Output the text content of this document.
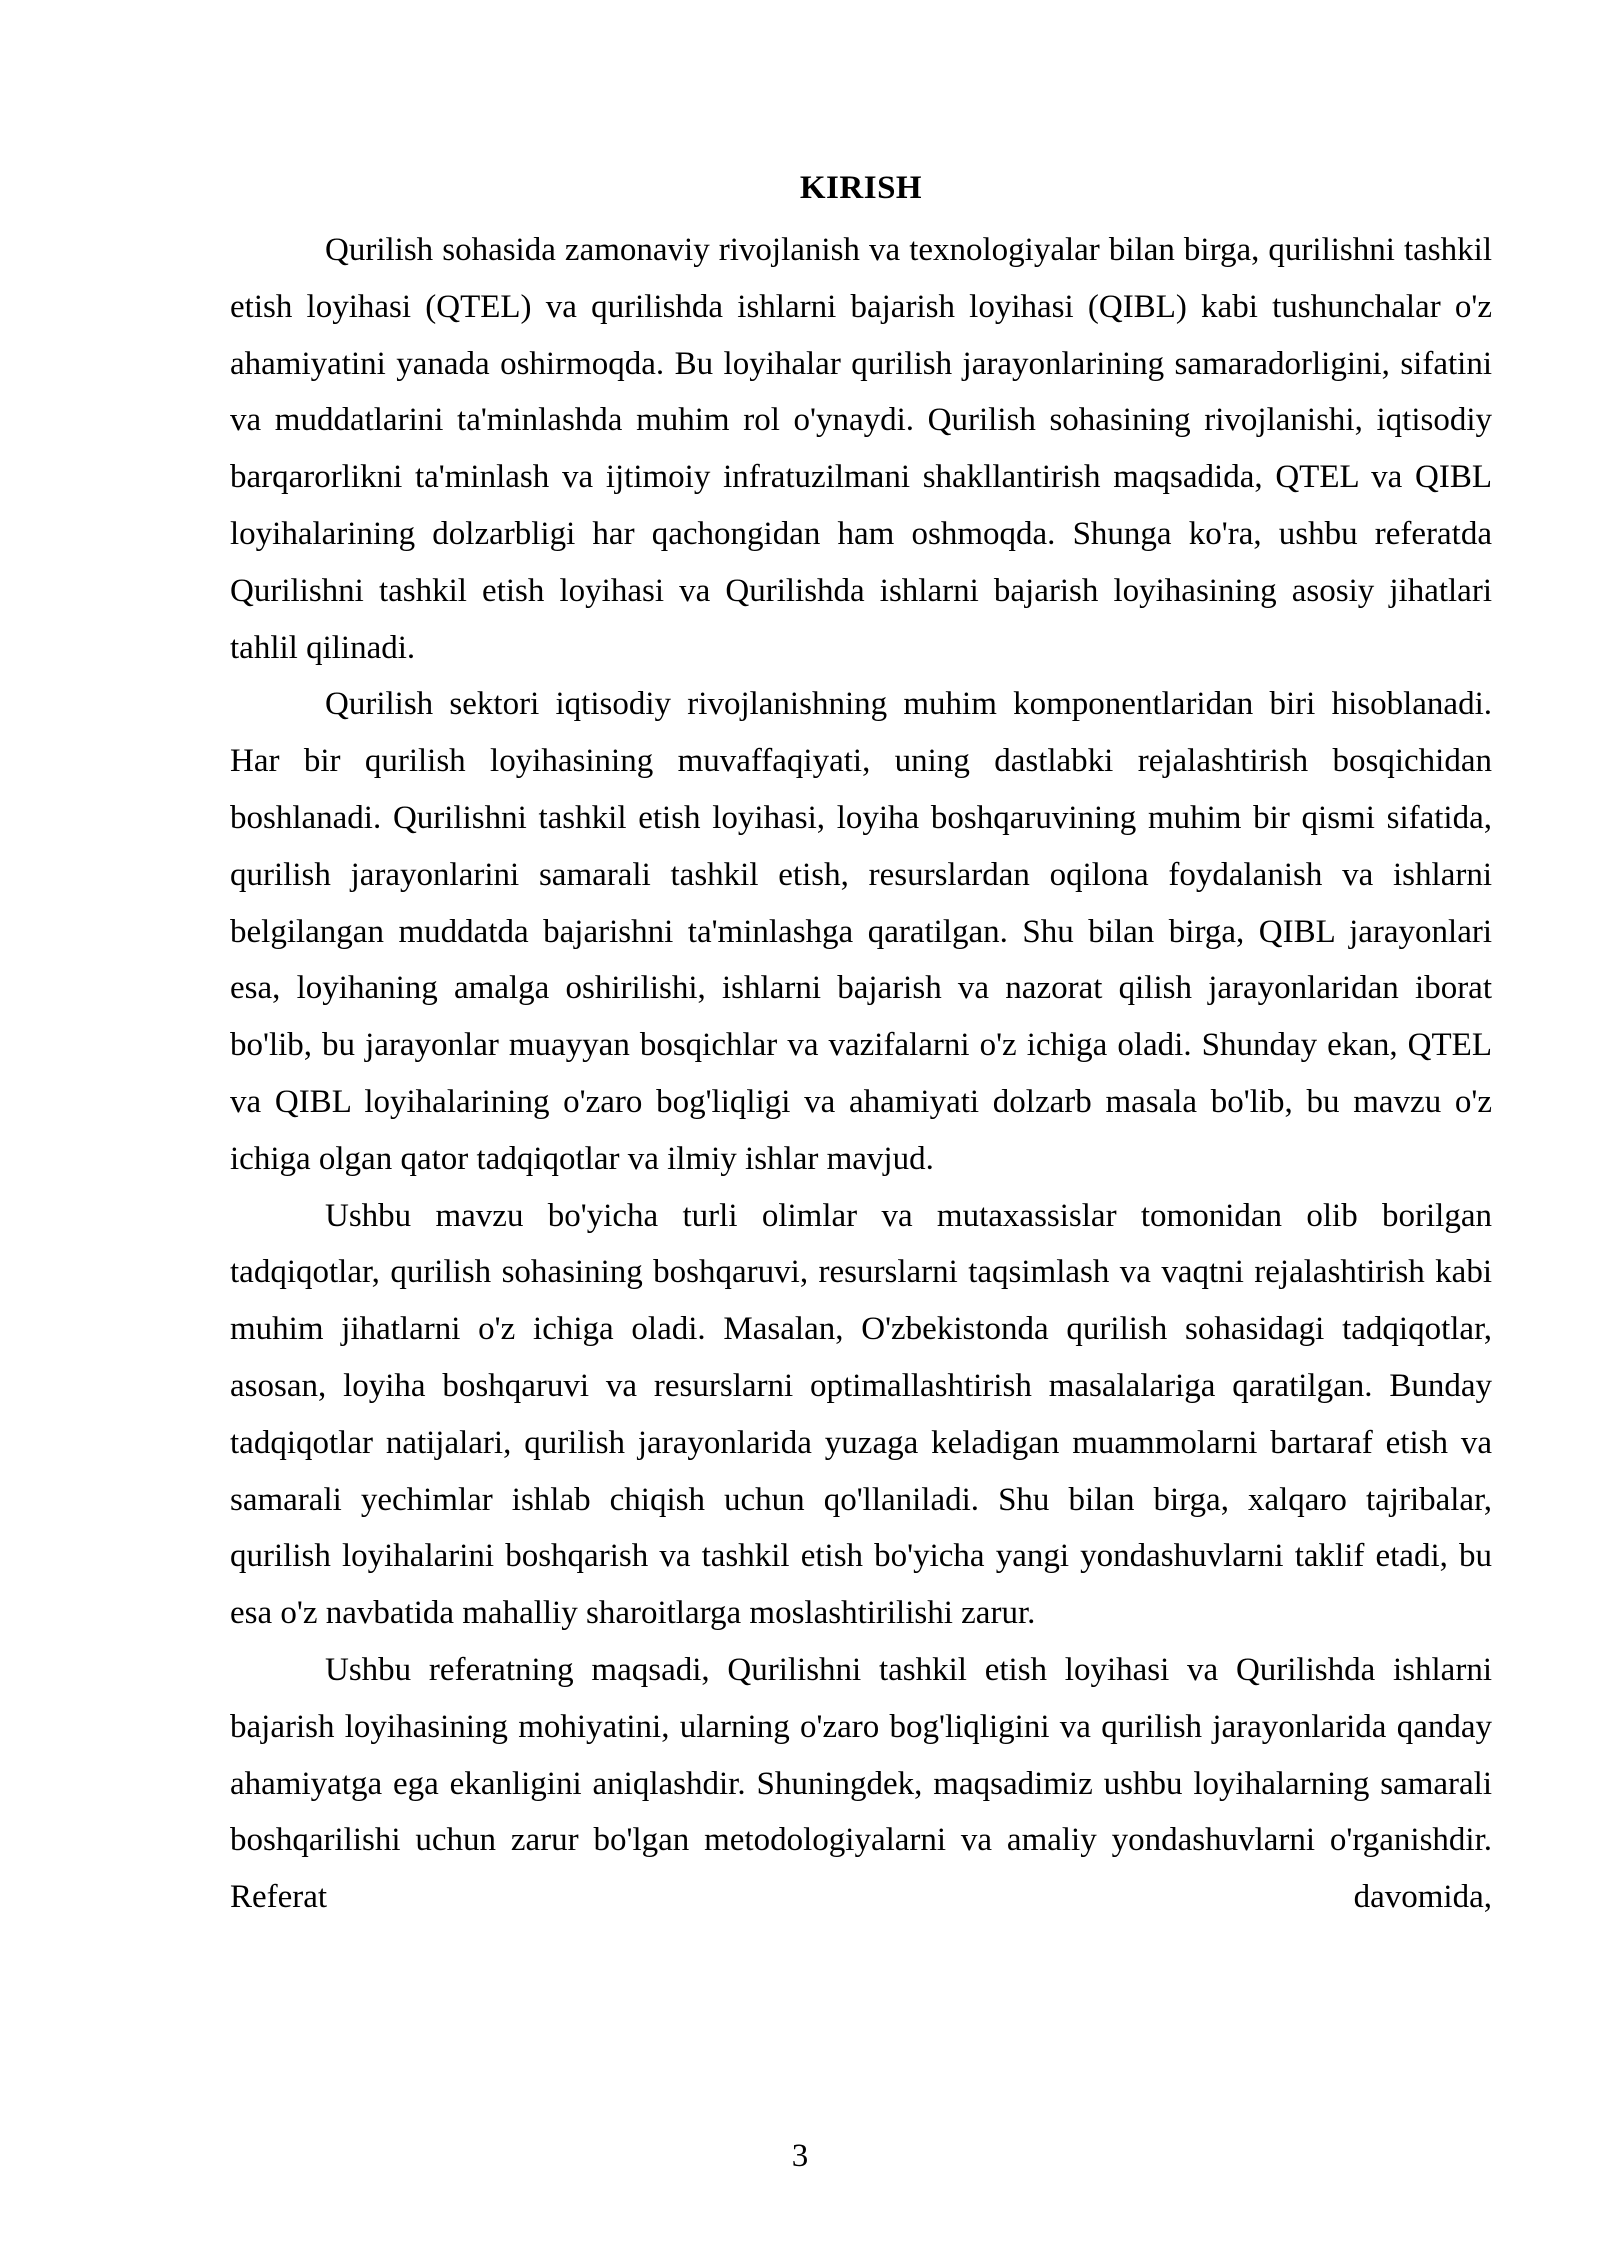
KIRISH

Qurilish sohasida zamonaviy rivojlanish va texnologiyalar bilan birga, qurilishni tashkil etish loyihasi (QTEL) va qurilishda ishlarni bajarish loyihasi (QIBL) kabi tushunchalar o'z ahamiyatini yanada oshirmoqda. Bu loyihalar qurilish jarayonlarining samaradorligini, sifatini va muddatlarini ta'minlashda muhim rol o'ynaydi. Qurilish sohasining rivojlanishi, iqtisodiy barqarorlikni ta'minlash va ijtimoiy infratuzilmani shakllantirish maqsadida, QTEL va QIBL loyihalarining dolzarbligi har qachongidan ham oshmoqda. Shunga ko'ra, ushbu referatda Qurilishni tashkil etish loyihasi va Qurilishda ishlarni bajarish loyihasining asosiy jihatlari tahlil qilinadi.

Qurilish sektori iqtisodiy rivojlanishning muhim komponentlaridan biri hisoblanadi. Har bir qurilish loyihasining muvaffaqiyati, uning dastlabki rejalashtirish bosqichidan boshlanadi. Qurilishni tashkil etish loyihasi, loyiha boshqaruvining muhim bir qismi sifatida, qurilish jarayonlarini samarali tashkil etish, resurslardan oqilona foydalanish va ishlarni belgilangan muddatda bajarishni ta'minlashga qaratilgan. Shu bilan birga, QIBL jarayonlari esa, loyihaning amalga oshirilishi, ishlarni bajarish va nazorat qilish jarayonlaridan iborat bo'lib, bu jarayonlar muayyan bosqichlar va vazifalarni o'z ichiga oladi. Shunday ekan, QTEL va QIBL loyihalarining o'zaro bog'liqligi va ahamiyati dolzarb masala bo'lib, bu mavzu o'z ichiga olgan qator tadqiqotlar va ilmiy ishlar mavjud.

Ushbu mavzu bo'yicha turli olimlar va mutaxassislar tomonidan olib borilgan tadqiqotlar, qurilish sohasining boshqaruvi, resurslarni taqsimlash va vaqtni rejalashtirish kabi muhim jihatlarni o'z ichiga oladi. Masalan, O'zbekistonda qurilish sohasidagi tadqiqotlar, asosan, loyiha boshqaruvi va resurslarni optimallashtirish masalalariga qaratilgan. Bunday tadqiqotlar natijalari, qurilish jarayonlarida yuzaga keladigan muammolarni bartaraf etish va samarali yechimlar ishlab chiqish uchun qo'llaniladi. Shu bilan birga, xalqaro tajribalar, qurilish loyihalarini boshqarish va tashkil etish bo'yicha yangi yondashuvlarni taklif etadi, bu esa o'z navbatida mahalliy sharoitlarga moslashtirilishi zarur.

Ushbu referatning maqsadi, Qurilishni tashkil etish loyihasi va Qurilishda ishlarni bajarish loyihasining mohiyatini, ularning o'zaro bog'liqligini va qurilish jarayonlarida qanday ahamiyatga ega ekanligini aniqlashdir. Shuningdek, maqsadimiz ushbu loyihalarning samarali boshqarilishi uchun zarur bo'lgan metodologiyalarni va amaliy yondashuvlarni o'rganishdir. Referat davomida,

3
